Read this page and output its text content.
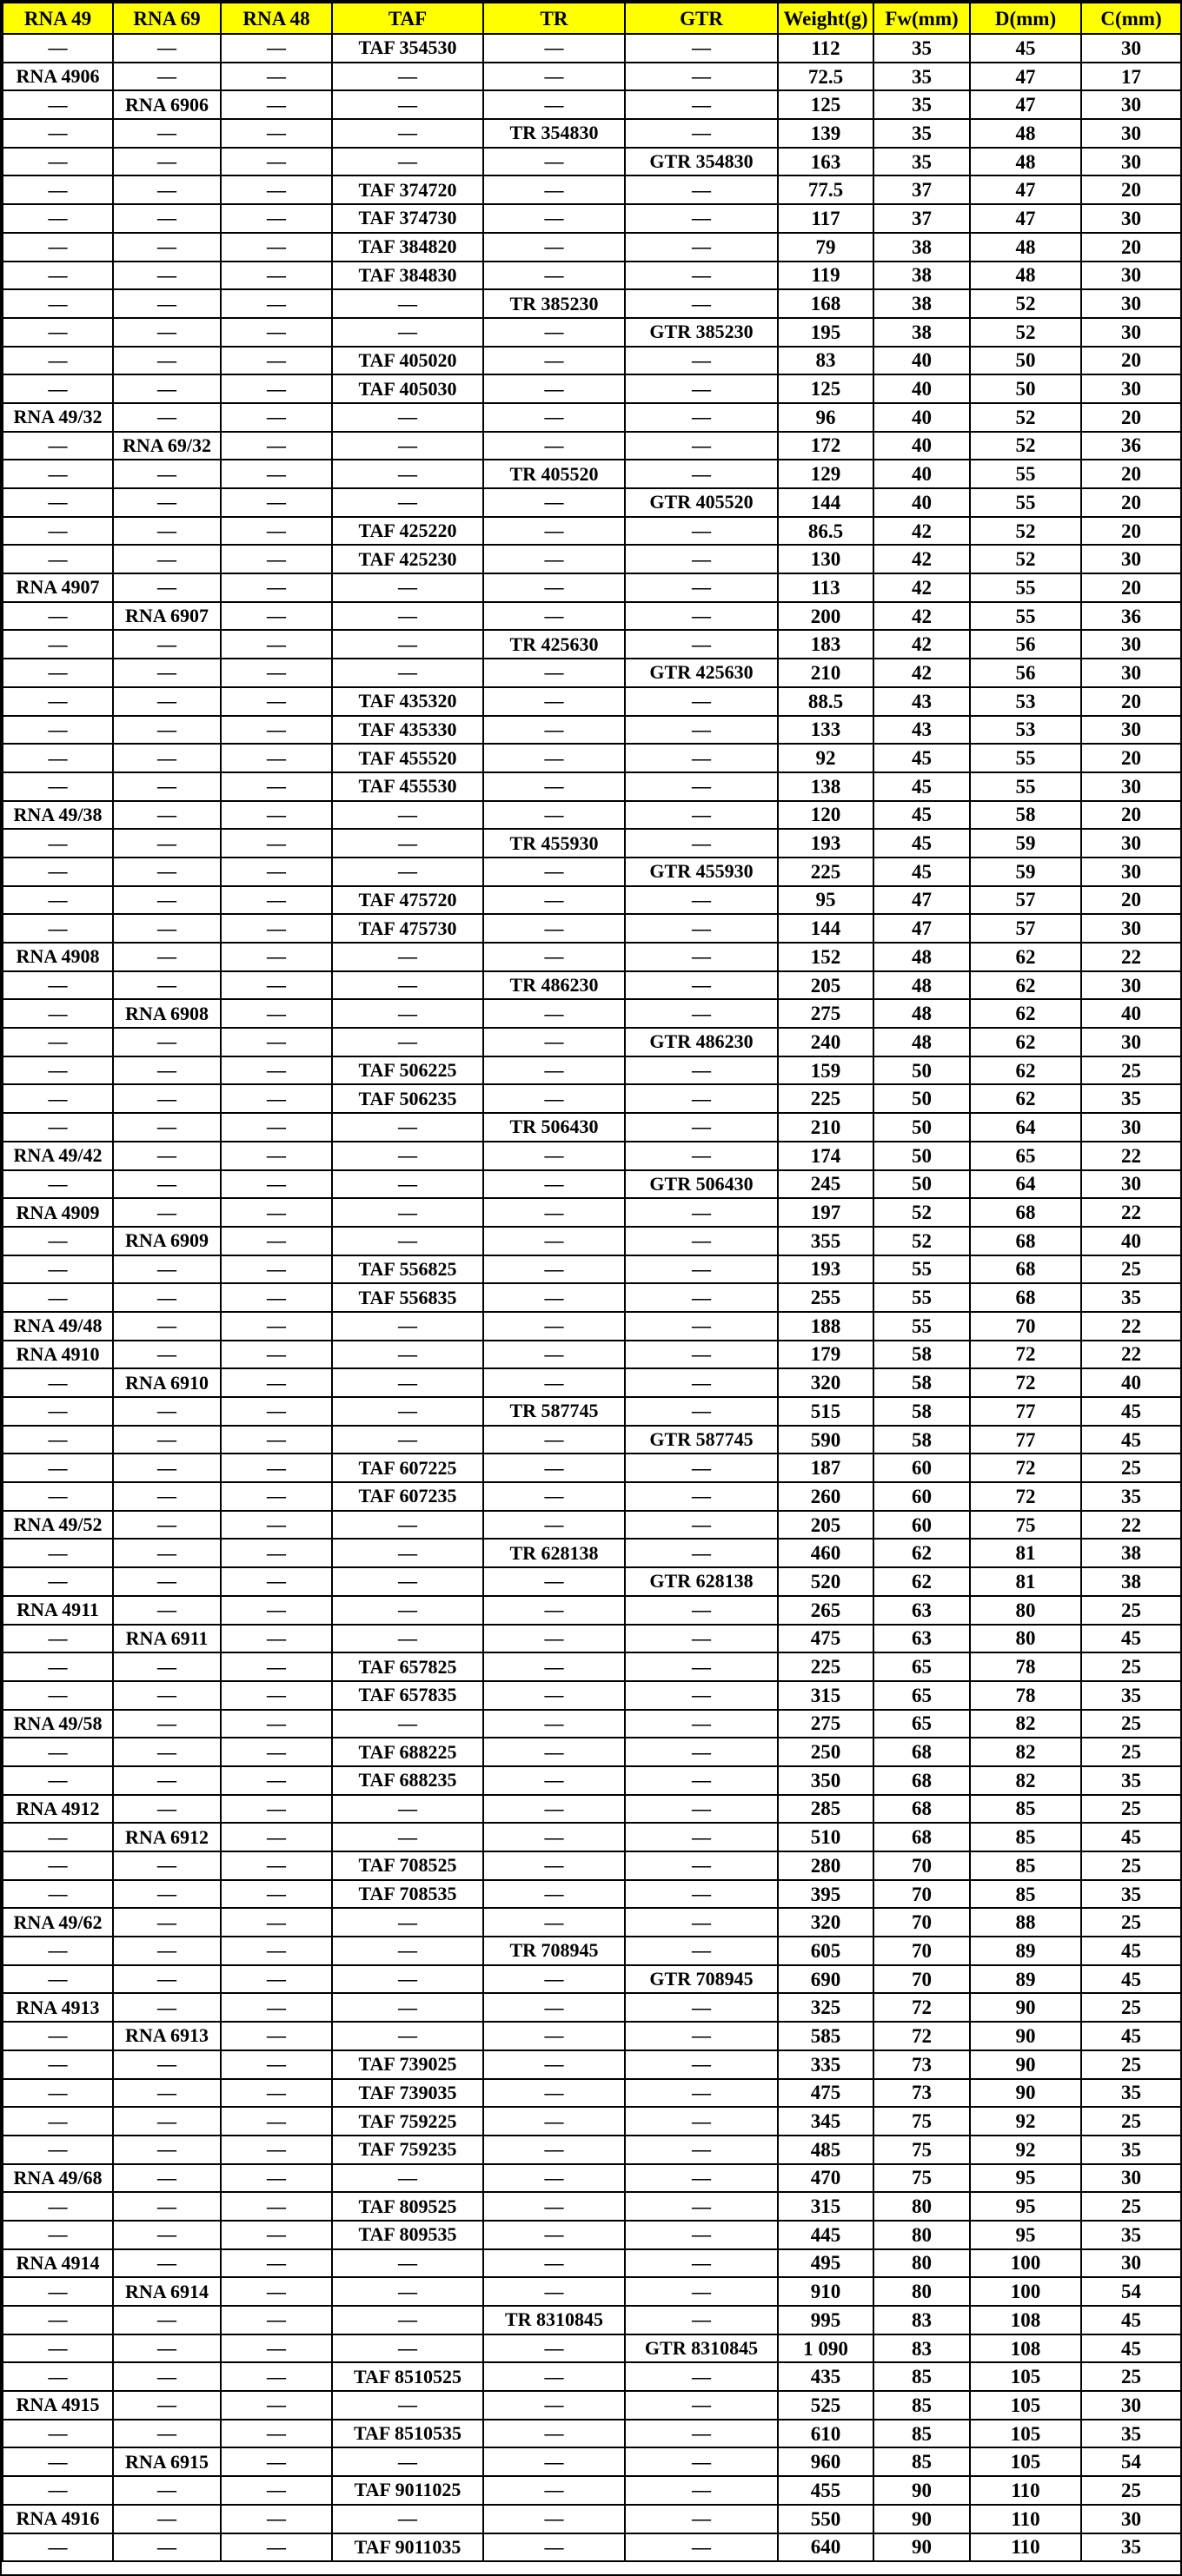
RNA 49	RNA 69	RNA 48	TAF	TR	GTR	Weight(g)	Fw(mm)	D(mm)	C(mm)
—	—	—	TAF 354530	—	—	112	35	45	30
RNA 4906	—	—	—	—	—	72.5	35	47	17
—	RNA 6906	—	—	—	—	125	35	47	30
—	—	—	—	TR 354830	—	139	35	48	30
—	—	—	—	—	GTR 354830	163	35	48	30
—	—	—	TAF 374720	—	—	77.5	37	47	20
—	—	—	TAF 374730	—	—	117	37	47	30
—	—	—	TAF 384820	—	—	79	38	48	20
—	—	—	TAF 384830	—	—	119	38	48	30
—	—	—	—	TR 385230	—	168	38	52	30
—	—	—	—	—	GTR 385230	195	38	52	30
—	—	—	TAF 405020	—	—	83	40	50	20
—	—	—	TAF 405030	—	—	125	40	50	30
RNA 49/32	—	—	—	—	—	96	40	52	20
—	RNA 69/32	—	—	—	—	172	40	52	36
—	—	—	—	TR 405520	—	129	40	55	20
—	—	—	—	—	GTR 405520	144	40	55	20
—	—	—	TAF 425220	—	—	86.5	42	52	20
—	—	—	TAF 425230	—	—	130	42	52	30
RNA 4907	—	—	—	—	—	113	42	55	20
—	RNA 6907	—	—	—	—	200	42	55	36
—	—	—	—	TR 425630	—	183	42	56	30
—	—	—	—	—	GTR 425630	210	42	56	30
—	—	—	TAF 435320	—	—	88.5	43	53	20
—	—	—	TAF 435330	—	—	133	43	53	30
—	—	—	TAF 455520	—	—	92	45	55	20
—	—	—	TAF 455530	—	—	138	45	55	30
RNA 49/38	—	—	—	—	—	120	45	58	20
—	—	—	—	TR 455930	—	193	45	59	30
—	—	—	—	—	GTR 455930	225	45	59	30
—	—	—	TAF 475720	—	—	95	47	57	20
—	—	—	TAF 475730	—	—	144	47	57	30
RNA 4908	—	—	—	—	—	152	48	62	22
—	—	—	—	TR 486230	—	205	48	62	30
—	RNA 6908	—	—	—	—	275	48	62	40
—	—	—	—	—	GTR 486230	240	48	62	30
—	—	—	TAF 506225	—	—	159	50	62	25
—	—	—	TAF 506235	—	—	225	50	62	35
—	—	—	—	TR 506430	—	210	50	64	30
RNA 49/42	—	—	—	—	—	174	50	65	22
—	—	—	—	—	GTR 506430	245	50	64	30
RNA 4909	—	—	—	—	—	197	52	68	22
—	RNA 6909	—	—	—	—	355	52	68	40
—	—	—	TAF 556825	—	—	193	55	68	25
—	—	—	TAF 556835	—	—	255	55	68	35
RNA 49/48	—	—	—	—	—	188	55	70	22
RNA 4910	—	—	—	—	—	179	58	72	22
—	RNA 6910	—	—	—	—	320	58	72	40
—	—	—	—	TR 587745	—	515	58	77	45
—	—	—	—	—	GTR 587745	590	58	77	45
—	—	—	TAF 607225	—	—	187	60	72	25
—	—	—	TAF 607235	—	—	260	60	72	35
RNA 49/52	—	—	—	—	—	205	60	75	22
—	—	—	—	TR 628138	—	460	62	81	38
—	—	—	—	—	GTR 628138	520	62	81	38
RNA 4911	—	—	—	—	—	265	63	80	25
—	RNA 6911	—	—	—	—	475	63	80	45
—	—	—	TAF 657825	—	—	225	65	78	25
—	—	—	TAF 657835	—	—	315	65	78	35
RNA 49/58	—	—	—	—	—	275	65	82	25
—	—	—	TAF 688225	—	—	250	68	82	25
—	—	—	TAF 688235	—	—	350	68	82	35
RNA 4912	—	—	—	—	—	285	68	85	25
—	RNA 6912	—	—	—	—	510	68	85	45
—	—	—	TAF 708525	—	—	280	70	85	25
—	—	—	TAF 708535	—	—	395	70	85	35
RNA 49/62	—	—	—	—	—	320	70	88	25
—	—	—	—	TR 708945	—	605	70	89	45
—	—	—	—	—	GTR 708945	690	70	89	45
RNA 4913	—	—	—	—	—	325	72	90	25
—	RNA 6913	—	—	—	—	585	72	90	45
—	—	—	TAF 739025	—	—	335	73	90	25
—	—	—	TAF 739035	—	—	475	73	90	35
—	—	—	TAF 759225	—	—	345	75	92	25
—	—	—	TAF 759235	—	—	485	75	92	35
RNA 49/68	—	—	—	—	—	470	75	95	30
—	—	—	TAF 809525	—	—	315	80	95	25
—	—	—	TAF 809535	—	—	445	80	95	35
RNA 4914	—	—	—	—	—	495	80	100	30
—	RNA 6914	—	—	—	—	910	80	100	54
—	—	—	—	TR 8310845	—	995	83	108	45
—	—	—	—	—	GTR 8310845	1 090	83	108	45
—	—	—	TAF 8510525	—	—	435	85	105	25
RNA 4915	—	—	—	—	—	525	85	105	30
—	—	—	TAF 8510535	—	—	610	85	105	35
—	RNA 6915	—	—	—	—	960	85	105	54
—	—	—	TAF 9011025	—	—	455	90	110	25
RNA 4916	—	—	—	—	—	550	90	110	30
—	—	—	TAF 9011035	—	—	640	90	110	35
